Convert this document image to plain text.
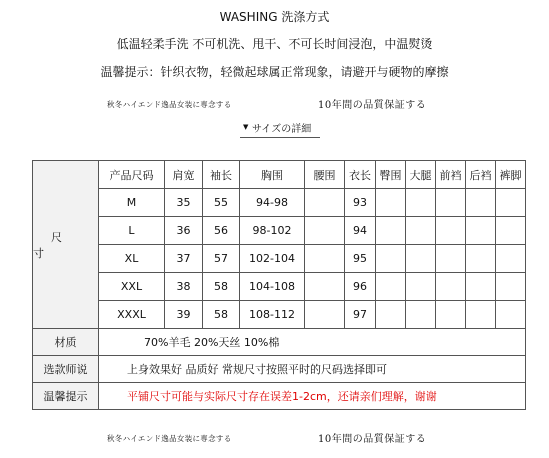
WASHING 洗涤方式
低温轻柔手洗 不可机洗、甩干、不可长时间浸泡，中温熨烫
温馨提示：针织衣物，轻微起球属正常现象，请避开与硬物的摩擦
秋冬ハイエンド逸品女装に専念する	10年間の品質保証する
▼ サイズの詳細
尺
寸	产品尺码	肩宽	袖长	胸围	腰围	衣长	臀围	大腿	前裆	后裆	裤脚
	M	35	55	94-98		93					
	L	36	56	98-102		94					
	XL	37	57	102-104		95					
	XXL	38	58	104-108		96					
	XXXL	39	58	108-112		97					
材质	70%羊毛 20%天丝 10%棉										
选款师说	上身效果好 品质好 常规尺寸按照平时的尺码选择即可										
温馨提示	平铺尺寸可能与实际尺寸存在误差1-2cm，还请亲们理解，谢谢										
秋冬ハイエンド逸品女装に専念する	10年間の品質保証する
